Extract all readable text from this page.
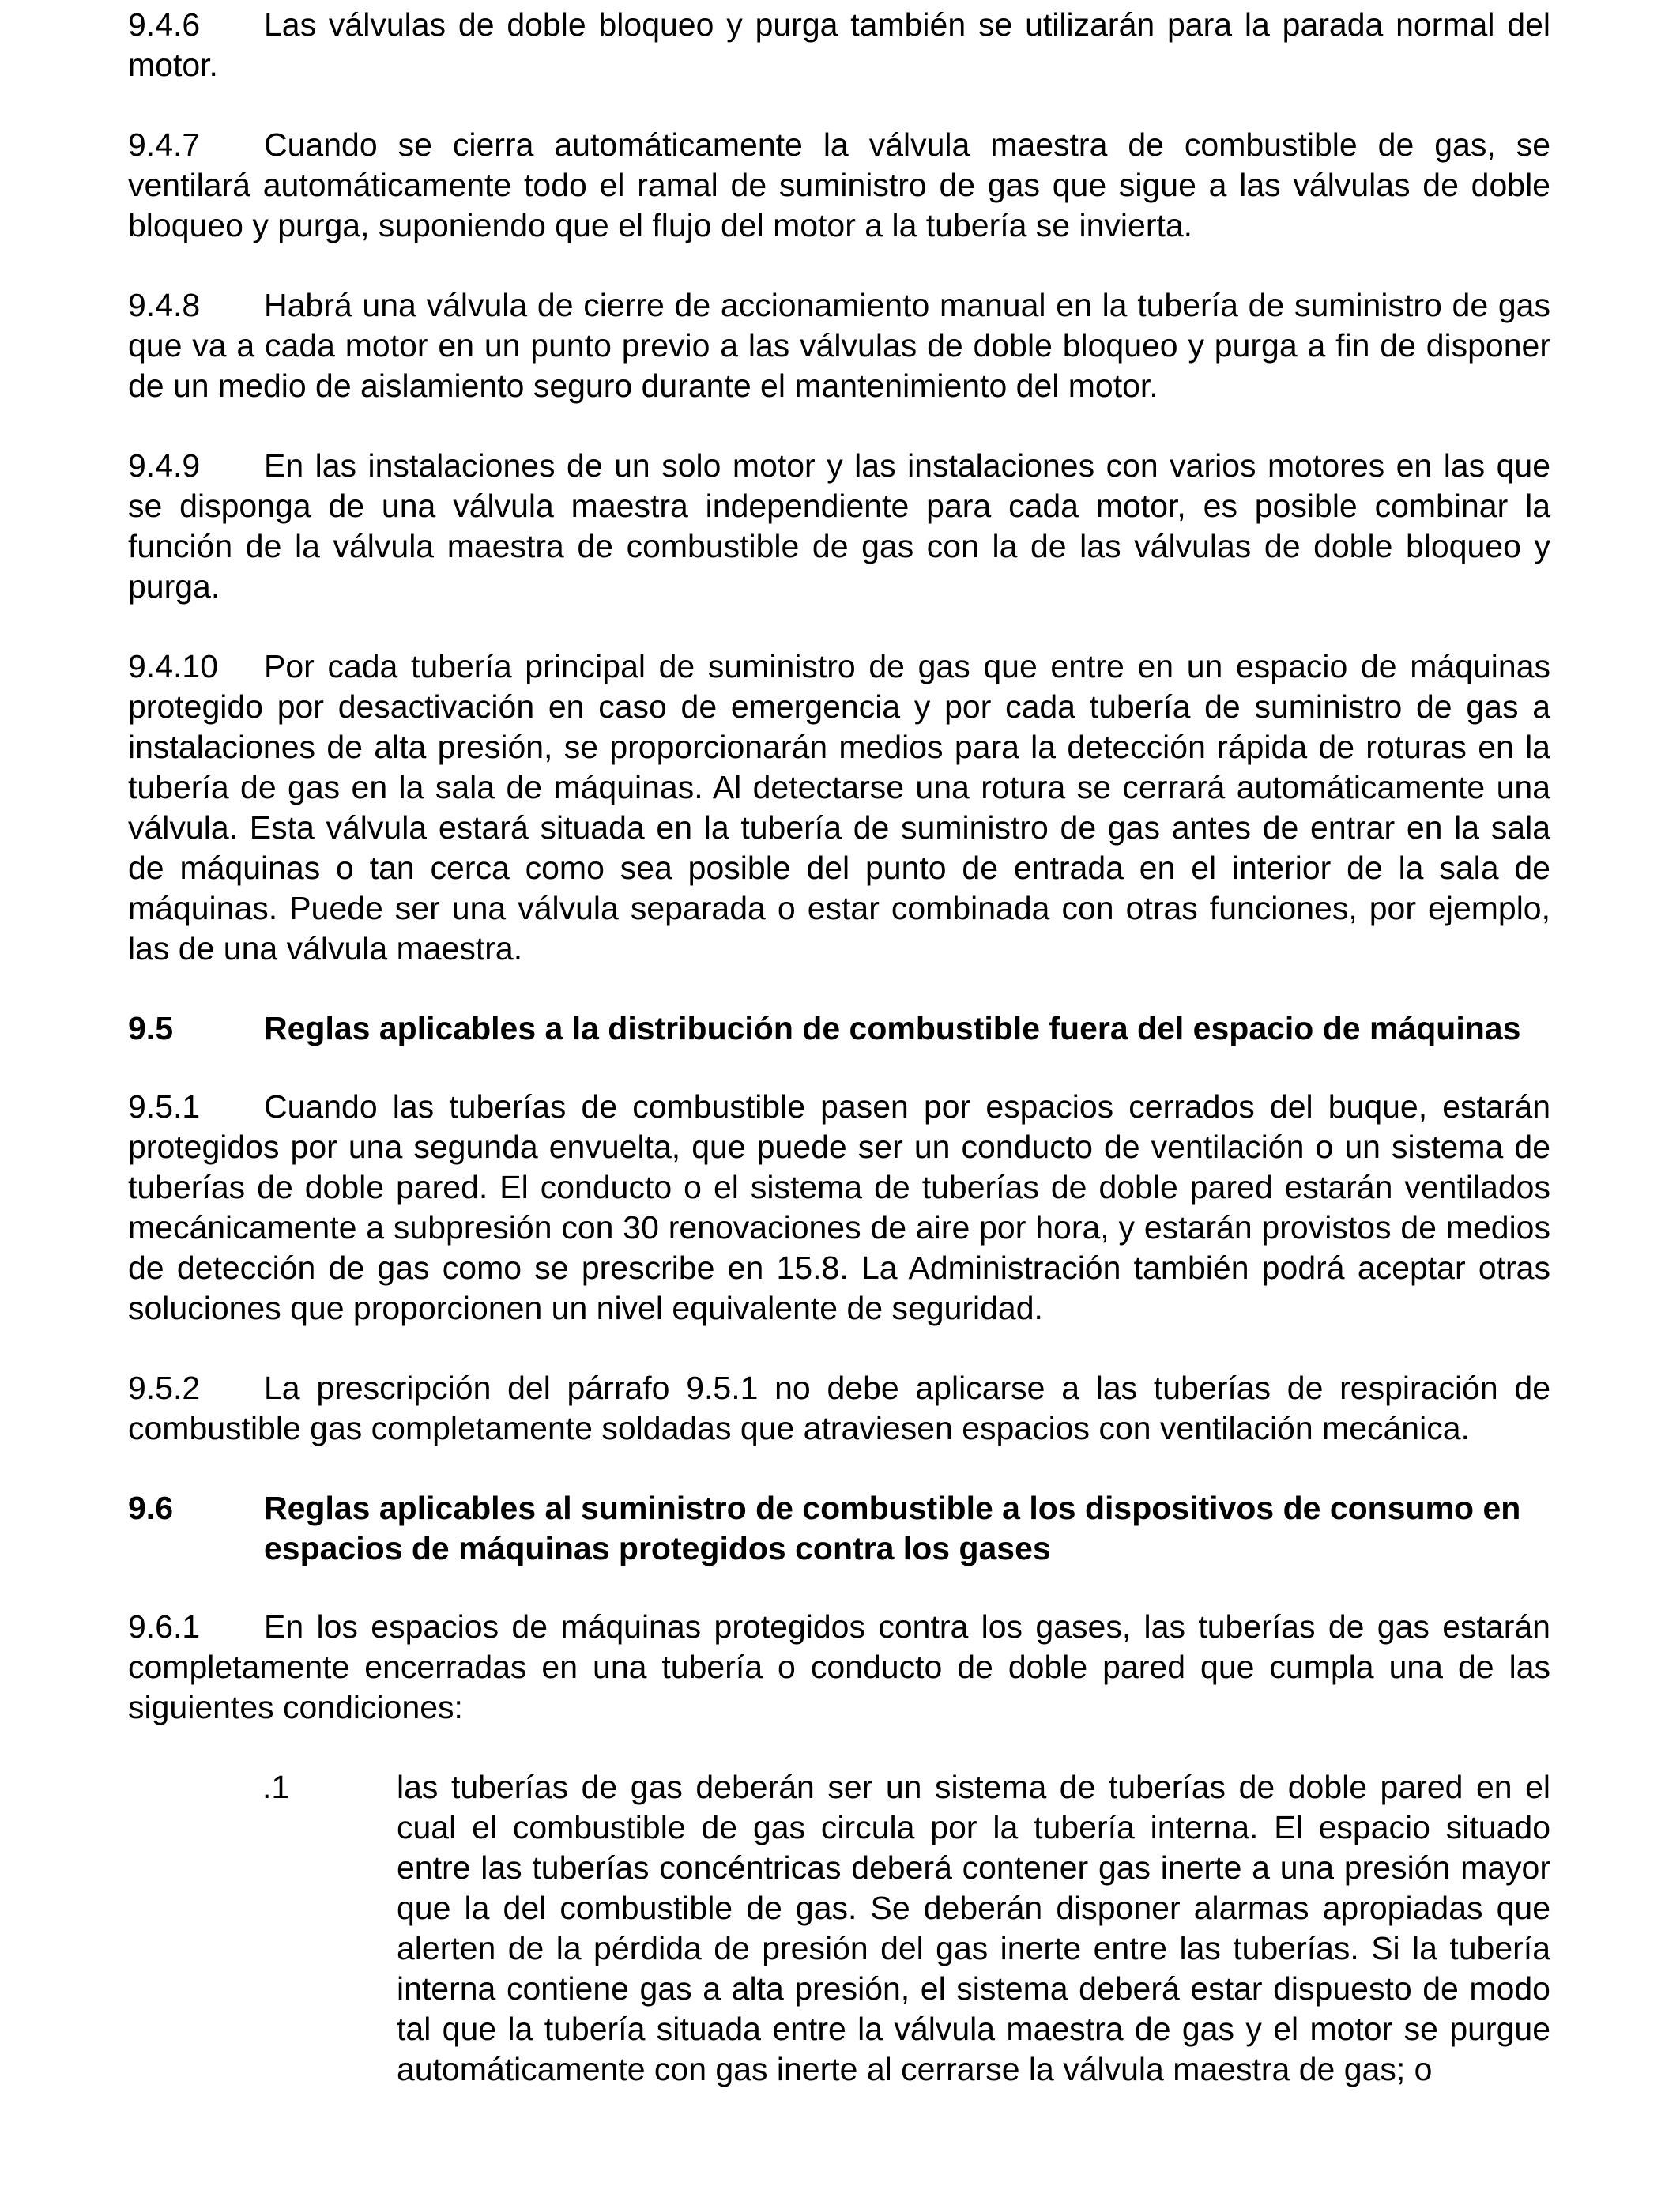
9.4.6 Las válvulas de doble bloqueo y purga también se utilizarán para la parada normal del motor.

9.4.7 Cuando se cierra automáticamente la válvula maestra de combustible de gas, se ventilará automáticamente todo el ramal de suministro de gas que sigue a las válvulas de doble bloqueo y purga, suponiendo que el flujo del motor a la tubería se invierta.

9.4.8 Habrá una válvula de cierre de accionamiento manual en la tubería de suministro de gas que va a cada motor en un punto previo a las válvulas de doble bloqueo y purga a fin de disponer de un medio de aislamiento seguro durante el mantenimiento del motor.

9.4.9 En las instalaciones de un solo motor y las instalaciones con varios motores en las que se disponga de una válvula maestra independiente para cada motor, es posible combinar la función de la válvula maestra de combustible de gas con la de las válvulas de doble bloqueo y purga.

9.4.10 Por cada tubería principal de suministro de gas que entre en un espacio de máquinas protegido por desactivación en caso de emergencia y por cada tubería de suministro de gas a instalaciones de alta presión, se proporcionarán medios para la detección rápida de roturas en la tubería de gas en la sala de máquinas. Al detectarse una rotura se cerrará automáticamente una válvula. Esta válvula estará situada en la tubería de suministro de gas antes de entrar en la sala de máquinas o tan cerca como sea posible del punto de entrada en el interior de la sala de máquinas. Puede ser una válvula separada o estar combinada con otras funciones, por ejemplo, las de una válvula maestra.

9.5	Reglas aplicables a la distribución de combustible fuera del espacio de máquinas

9.5.1 Cuando las tuberías de combustible pasen por espacios cerrados del buque, estarán protegidos por una segunda envuelta, que puede ser un conducto de ventilación o un sistema de tuberías de doble pared. El conducto o el sistema de tuberías de doble pared estarán ventilados mecánicamente a subpresión con 30 renovaciones de aire por hora, y estarán provistos de medios de detección de gas como se prescribe en 15.8. La Administración también podrá aceptar otras soluciones que proporcionen un nivel equivalente de seguridad.

9.5.2 La prescripción del párrafo 9.5.1 no debe aplicarse a las tuberías de respiración de combustible gas completamente soldadas que atraviesen espacios con ventilación mecánica.

9.6	Reglas aplicables al suministro de combustible a los dispositivos de consumo en espacios de máquinas protegidos contra los gases

9.6.1 En los espacios de máquinas protegidos contra los gases, las tuberías de gas estarán completamente encerradas en una tubería o conducto de doble pared que cumpla una de las siguientes condiciones:

.1	las tuberías de gas deberán ser un sistema de tuberías de doble pared en el cual el combustible de gas circula por la tubería interna. El espacio situado entre las tuberías concéntricas deberá contener gas inerte a una presión mayor que la del combustible de gas. Se deberán disponer alarmas apropiadas que alerten de la pérdida de presión del gas inerte entre las tuberías. Si la tubería interna contiene gas a alta presión, el sistema deberá estar dispuesto de modo tal que la tubería situada entre la válvula maestra de gas y el motor se purgue automáticamente con gas inerte al cerrarse la válvula maestra de gas; o
